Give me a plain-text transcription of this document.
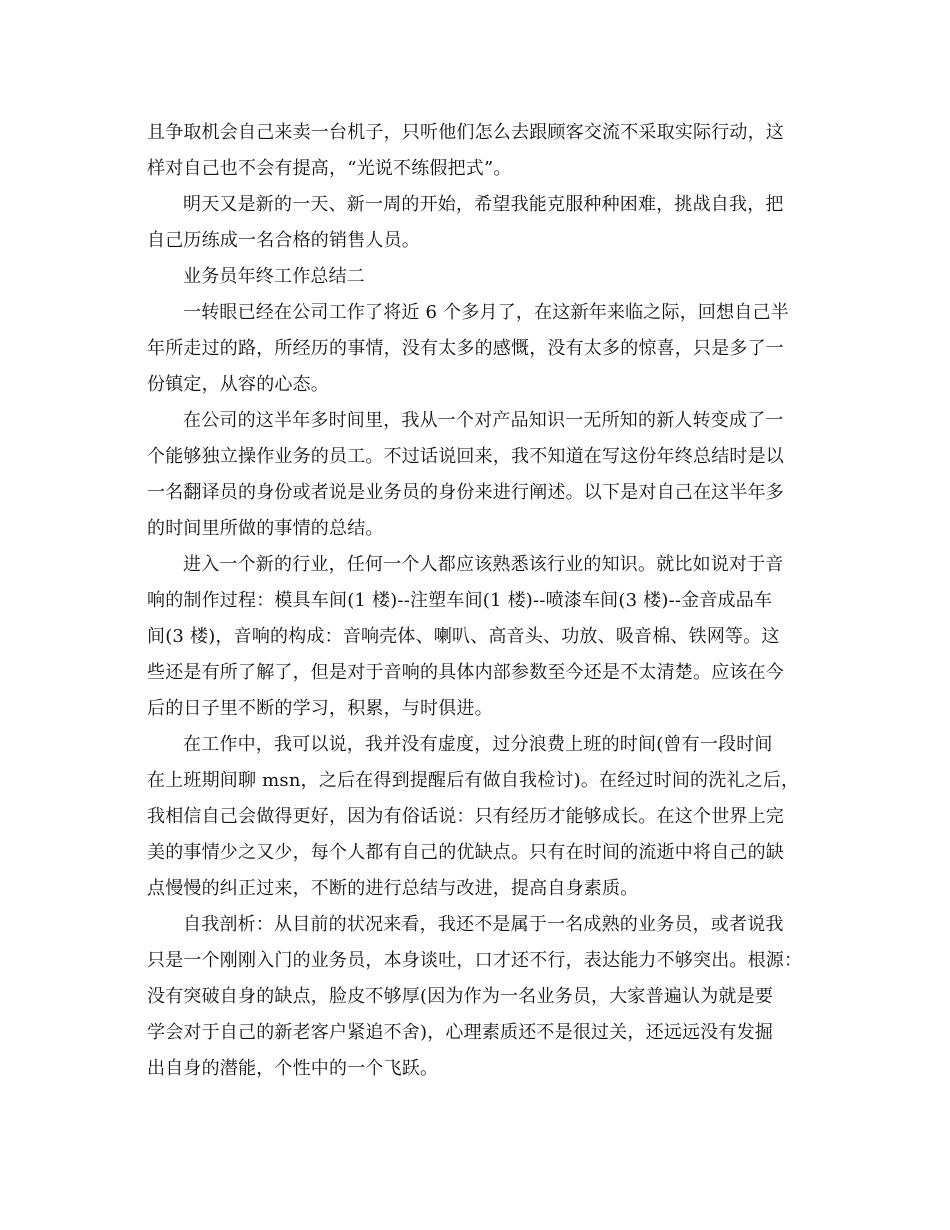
且争取机会自己来卖一台机子，只听他们怎么去跟顾客交流不采取实际行动，这
样对自己也不会有提高，“光说不练假把式”。
明天又是新的一天、新一周的开始，希望我能克服种种困难，挑战自我，把
自己历练成一名合格的销售人员。
业务员年终工作总结二
一转眼已经在公司工作了将近 6 个多月了，在这新年来临之际，回想自己半
年所走过的路，所经历的事情，没有太多的感慨，没有太多的惊喜，只是多了一
份镇定，从容的心态。
在公司的这半年多时间里，我从一个对产品知识一无所知的新人转变成了一
个能够独立操作业务的员工。不过话说回来，我不知道在写这份年终总结时是以
一名翻译员的身份或者说是业务员的身份来进行阐述。以下是对自己在这半年多
的时间里所做的事情的总结。
进入一个新的行业，任何一个人都应该熟悉该行业的知识。就比如说对于音
响的制作过程：模具车间(1 楼)--注塑车间(1 楼)--喷漆车间(3 楼)--金音成品车
间(3 楼)，音响的构成：音响壳体、喇叭、高音头、功放、吸音棉、铁网等。这
些还是有所了解了，但是对于音响的具体内部参数至今还是不太清楚。应该在今
后的日子里不断的学习，积累，与时俱进。
在工作中，我可以说，我并没有虚度，过分浪费上班的时间(曾有一段时间
在上班期间聊 msn，之后在得到提醒后有做自我检讨)。在经过时间的洗礼之后，
我相信自己会做得更好，因为有俗话说：只有经历才能够成长。在这个世界上完
美的事情少之又少，每个人都有自己的优缺点。只有在时间的流逝中将自己的缺
点慢慢的纠正过来，不断的进行总结与改进，提高自身素质。
自我剖析：从目前的状况来看，我还不是属于一名成熟的业务员，或者说我
只是一个刚刚入门的业务员，本身谈吐，口才还不行，表达能力不够突出。根源：
没有突破自身的缺点，脸皮不够厚(因为作为一名业务员，大家普遍认为就是要
学会对于自己的新老客户紧追不舍)，心理素质还不是很过关，还远远没有发掘
出自身的潜能，个性中的一个飞跃。
